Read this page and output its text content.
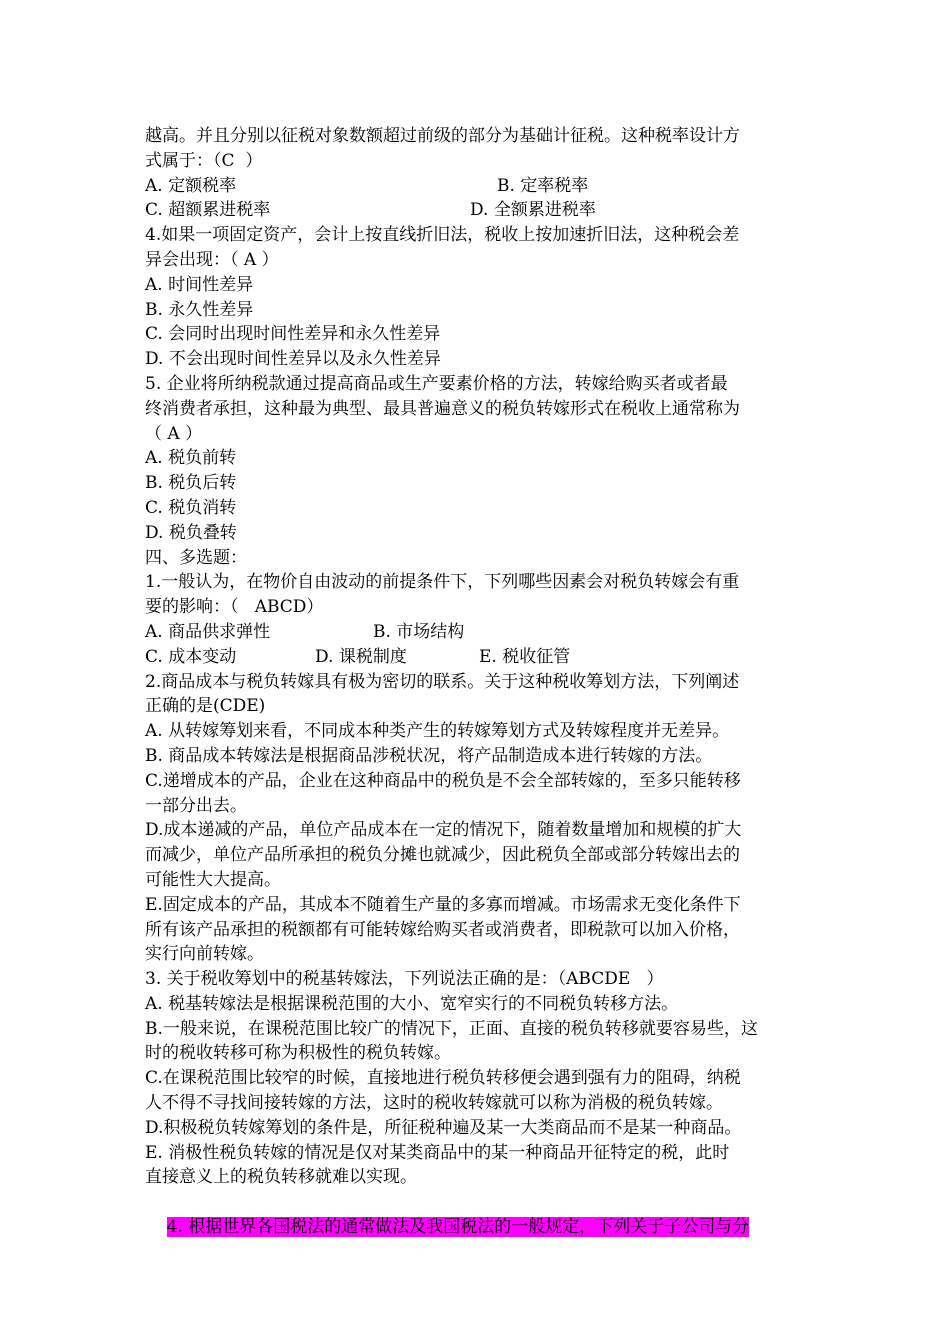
越高。并且分别以征税对象数额超过前级的部分为基础计征税。这种税率设计方
式属于：（C  ）
A. 定额税率	B. 定率税率
C. 超额累进税率	D. 全额累进税率
4.如果一项固定资产，会计上按直线折旧法，税收上按加速折旧法，这种税会差
异会出现：（ A ）
A. 时间性差异
B. 永久性差异
C. 会同时出现时间性差异和永久性差异
D. 不会出现时间性差异以及永久性差异
5. 企业将所纳税款通过提高商品或生产要素价格的方法，转嫁给购买者或者最
终消费者承担，这种最为典型、最具普遍意义的税负转嫁形式在税收上通常称为
（ A ）
A. 税负前转
B. 税负后转
C. 税负消转
D. 税负叠转
四、多选题：
1.一般认为，在物价自由波动的前提条件下，下列哪些因素会对税负转嫁会有重
要的影响：（   ABCD）
A. 商品供求弹性	B. 市场结构
C. 成本变动	D. 课税制度	E. 税收征管
2.商品成本与税负转嫁具有极为密切的联系。关于这种税收筹划方法，下列阐述
正确的是(CDE)
A. 从转嫁筹划来看，不同成本种类产生的转嫁筹划方式及转嫁程度并无差异。
B. 商品成本转嫁法是根据商品涉税状况，将产品制造成本进行转嫁的方法。
C.递增成本的产品，企业在这种商品中的税负是不会全部转嫁的，至多只能转移
一部分出去。
D.成本递减的产品，单位产品成本在一定的情况下，随着数量增加和规模的扩大
而减少，单位产品所承担的税负分摊也就减少，因此税负全部或部分转嫁出去的
可能性大大提高。
E.固定成本的产品，其成本不随着生产量的多寡而增减。市场需求无变化条件下
所有该产品承担的税额都有可能转嫁给购买者或消费者，即税款可以加入价格，
实行向前转嫁。
3. 关于税收筹划中的税基转嫁法，下列说法正确的是：（ABCDE   ）
A. 税基转嫁法是根据课税范围的大小、宽窄实行的不同税负转移方法。
B.一般来说，在课税范围比较广的情况下，正面、直接的税负转移就要容易些，这
时的税收转移可称为积极性的税负转嫁。
C.在课税范围比较窄的时候，直接地进行税负转移便会遇到强有力的阻碍，纳税
人不得不寻找间接转嫁的方法，这时的税收转嫁就可以称为消极的税负转嫁。
D.积极税负转嫁筹划的条件是，所征税种遍及某一大类商品而不是某一种商品。
E. 消极性税负转嫁的情况是仅对某类商品中的某一种商品开征特定的税，此时
直接意义上的税负转移就难以实现。

4. 根据世界各国税法的通常做法及我国税法的一般规定，下列关于子公司与分
